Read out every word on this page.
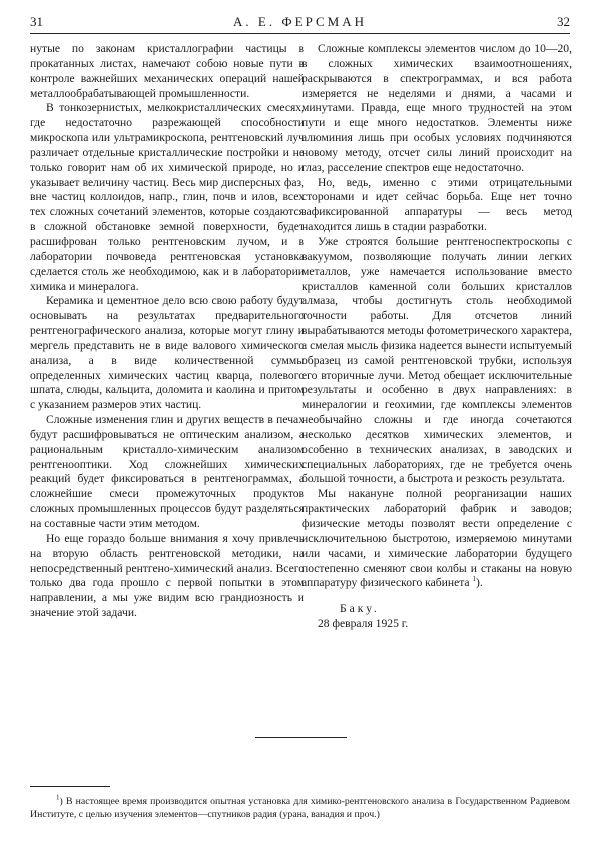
31	А. Е. ФЕРСМАН	32

нутые по законам кристаллографии частицы в прокатанных листах, намечают собою новые пути в контроле важнейших механических операций нашей металлообрабатывающей промышленности.

В тонкозернистых, мелкокристаллических смесях, где недостаточно разрежающей способности микроскопа или ультрамикроскопа, рентгеновский луч различает отдельные кристаллические постройки и не только говорит нам об их химической природе, но и указывает величину частиц. Весь мир дисперсных фаз, вне частиц коллоидов, напр., глин, почв и илов, всех тех сложных сочетаний элементов, которые создаются в сложной обстановке земной поверхности, будет расшифрован только рентгеновским лучом, и в лаборатории почвоведа рентгеновская установка сделается столь же необходимою, как и в лаборатории химика и минералога.

Керамика и цементное дело всю свою работу будут основывать на результатах предварительного рентгенографического анализа, которые могут глину и мергель представить не в виде валового химического анализа, а в виде количественной суммы определенных химических частиц кварца, полевого шпата, слюды, кальцита, доломита и каолина и притом с указанием размеров этих частиц.

Сложные изменения глин и других веществ в печах будут расшифровываться не оптическим анализом, а рациональным кристалло-химическим анализом рентгенооптики. Ход сложнейших химических реакций будет фиксироваться в рентгенограммах, а сложнейшие смеси промежуточных продуктов сложных промышленных процессов будут разделяться на составные части этим методом.

Но еще гораздо больше внимания я хочу привлечь на вторую область рентгеновской методики, на непосредственный рентгено-химический анализ. Всего только два года прошло с первой попытки в этом направлении, а мы уже видим всю грандиозность и значение этой задачи.

Сложные комплексы элементов числом до 10—20, в сложных химических взаимоотношениях, раскрываются в спектрограммах, и вся работа измеряется не неделями и днями, а часами и минутами. Правда, еще много трудностей на этом пути и еще много недостатков. Элементы ниже алюминия лишь при особых условиях подчиняются новому методу, отсчет силы линий происходит на глаз, расселение спектров еще недостаточно.

Но, ведь, именно с этими отрицательными сторонами и идет сейчас борьба. Еще нет точно зафиксированной аппаратуры — весь метод находится лишь в стадии разработки.

Уже строятся большие рентгеноспектроскопы с вакуумом, позволяющие получать линии легких металлов, уже намечается использование вместо кристаллов каменной соли больших кристаллов алмаза, чтобы достигнуть столь необходимой точности работы. Для отсчетов линий вырабатываются методы фотометрического характера, а смелая мысль физика надеется вынести испытуемый образец из самой рентгеновской трубки, используя его вторичные лучи. Метод обещает исключительные результаты и особенно в двух направлениях: в минералогии и геохимии, где комплексы элементов необычайно сложны и где иногда сочетаются несколько десятков химических элементов, и особенно в технических анализах, в заводских и специальных лабораториях, где не требуется очень большой точности, а быстрота и резкость результата.

Мы накануне полной реорганизации наших практических лабораторий фабрик и заводов; физические методы позволят вести определение с исключительною быстротою, измеряемою минутами или часами, и химические лаборатории будущего постепенно сменяют свои колбы и стаканы на новую аппаратуру физического кабинета $^1$).

Баку.
28 февраля 1925 г.
$^1$) В настоящее время производится опытная установка для химико-рентгеновского анализа в Государственном Радиевом Институте, с целью изучения элементов—спутников радия (урана, ванадия и проч.)
